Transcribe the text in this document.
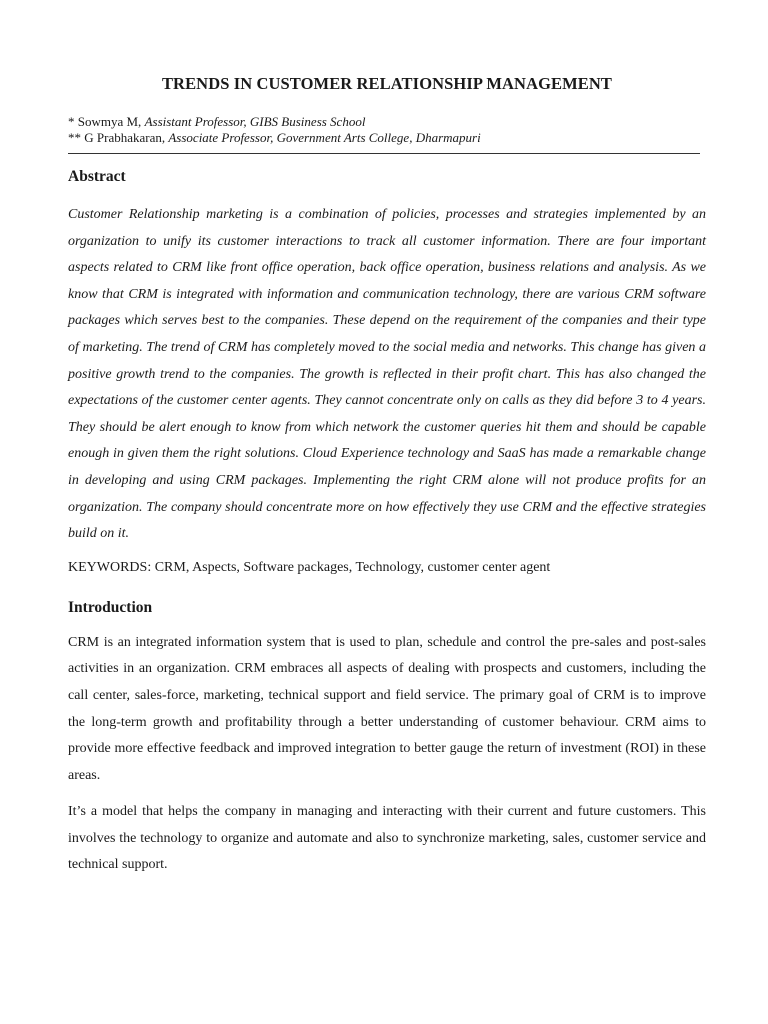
TRENDS IN CUSTOMER RELATIONSHIP MANAGEMENT
* Sowmya M, Assistant Professor, GIBS Business School
** G Prabhakaran, Associate Professor, Government Arts College, Dharmapuri
Abstract

Customer Relationship marketing is a combination of policies, processes and strategies implemented by an organization to unify its customer interactions to track all customer information. There are four important aspects related to CRM like front office operation, back office operation, business relations and analysis. As we know that CRM is integrated with information and communication technology, there are various CRM software packages which serves best to the companies. These depend on the requirement of the companies and their type of marketing. The trend of CRM has completely moved to the social media and networks. This change has given a positive growth trend to the companies. The growth is reflected in their profit chart. This has also changed the expectations of the customer center agents. They cannot concentrate only on calls as they did before 3 to 4 years. They should be alert enough to know from which network the customer queries hit them and should be capable enough in given them the right solutions. Cloud Experience technology and SaaS has made a remarkable change in developing and using CRM packages. Implementing the right CRM alone will not produce profits for an organization. The company should concentrate more on how effectively they use CRM and the effective strategies build on it.

KEYWORDS: CRM, Aspects, Software packages, Technology, customer center agent

Introduction

CRM is an integrated information system that is used to plan, schedule and control the pre-sales and post-sales activities in an organization. CRM embraces all aspects of dealing with prospects and customers, including the call center, sales-force, marketing, technical support and field service. The primary goal of CRM is to improve the long-term growth and profitability through a better understanding of customer behaviour. CRM aims to provide more effective feedback and improved integration to better gauge the return of investment (ROI) in these areas.

It’s a model that helps the company in managing and interacting with their current and future customers. This involves the technology to organize and automate and also to synchronize marketing, sales, customer service and technical support.
